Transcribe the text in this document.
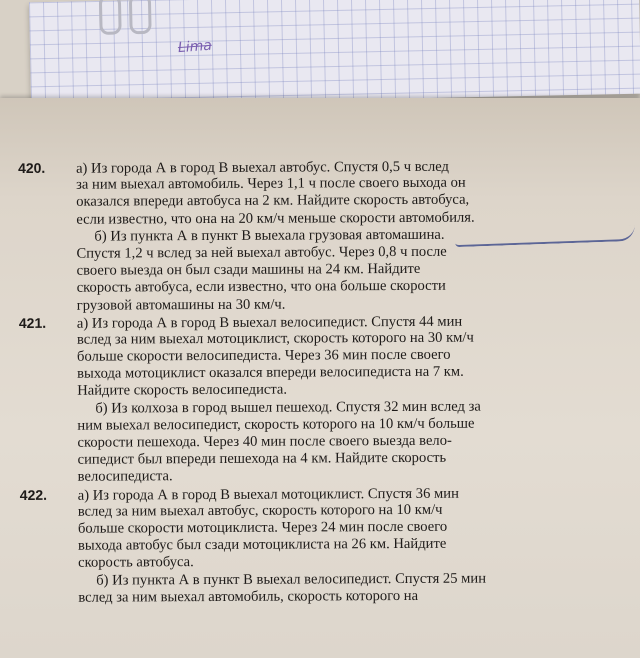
Lima
420. а) Из города А в город В выехал автобус. Спустя 0,5 ч вслед
за ним выехал автомобиль. Через 1,1 ч после своего выхода он
оказался впереди автобуса на 2 км. Найдите скорость автобуса,
если известно, что она на 20 км/ч меньше скорости автомобиля.
б) Из пункта А в пункт В выехала грузовая автомашина.
Спустя 1,2 ч вслед за ней выехал автобус. Через 0,8 ч после
своего выезда он был сзади машины на 24 км. Найдите
скорость автобуса, если известно, что она больше скорости
грузовой автомашины на 30 км/ч.
421. а) Из города А в город В выехал велосипедист. Спустя 44 мин
вслед за ним выехал мотоциклист, скорость которого на 30 км/ч
больше скорости велосипедиста. Через 36 мин после своего
выхода мотоциклист оказался впереди велосипедиста на 7 км.
Найдите скорость велосипедиста.
б) Из колхоза в город вышел пешеход. Спустя 32 мин вслед за
ним выехал велосипедист, скорость которого на 10 км/ч больше
скорости пешехода. Через 40 мин после своего выезда вело-
сипедист был впереди пешехода на 4 км. Найдите скорость
велосипедиста.
422. а) Из города А в город В выехал мотоциклист. Спустя 36 мин
вслед за ним выехал автобус, скорость которого на 10 км/ч
больше скорости мотоциклиста. Через 24 мин после своего
выхода автобус был сзади мотоциклиста на 26 км. Найдите
скорость автобуса.
б) Из пункта А в пункт В выехал велосипедист. Спустя 25 мин
вслед за ним выехал автомобиль, скорость которого на
